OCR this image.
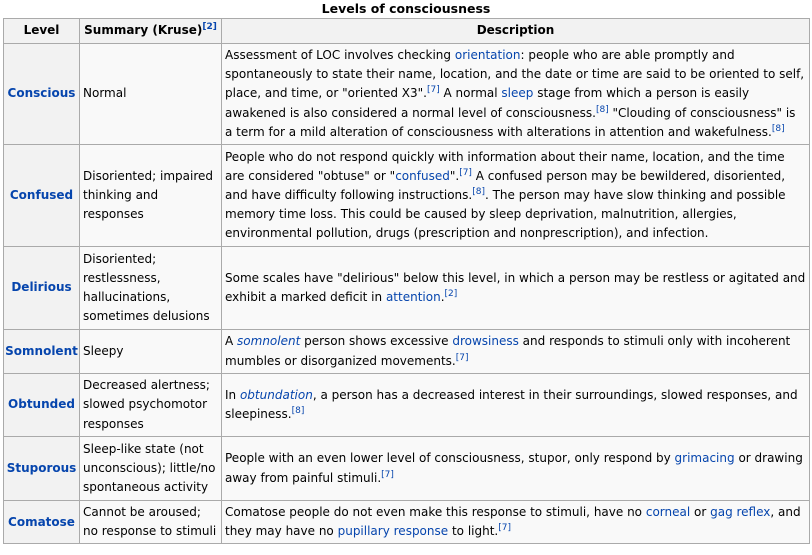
Levels of consciousness
Level	Summary (Kruse)[2]	Description
Conscious	Normal	Assessment of LOC involves checking orientation: people who are able promptly and spontaneously to state their name, location, and the date or time are said to be oriented to self, place, and time, or "oriented X3".[7] A normal sleep stage from which a person is easily awakened is also considered a normal level of consciousness.[8] "Clouding of consciousness" is a term for a mild alteration of consciousness with alterations in attention and wakefulness.[8]
Confused	Disoriented; impaired thinking and responses	People who do not respond quickly with information about their name, location, and the time are considered "obtuse" or "confused".[7] A confused person may be bewildered, disoriented, and have difficulty following instructions.[8]. The person may have slow thinking and possible memory time loss. This could be caused by sleep deprivation, malnutrition, allergies, environmental pollution, drugs (prescription and nonprescription), and infection.
Delirious	Disoriented; restlessness, hallucinations, sometimes delusions	Some scales have "delirious" below this level, in which a person may be restless or agitated and exhibit a marked deficit in attention.[2]
Somnolent	Sleepy	A somnolent person shows excessive drowsiness and responds to stimuli only with incoherent mumbles or disorganized movements.[7]
Obtunded	Decreased alertness; slowed psychomotor responses	In obtundation, a person has a decreased interest in their surroundings, slowed responses, and sleepiness.[8]
Stuporous	Sleep-like state (not unconscious); little/no spontaneous activity	People with an even lower level of consciousness, stupor, only respond by grimacing or drawing away from painful stimuli.[7]
Comatose	Cannot be aroused; no response to stimuli	Comatose people do not even make this response to stimuli, have no corneal or gag reflex, and they may have no pupillary response to light.[7]
